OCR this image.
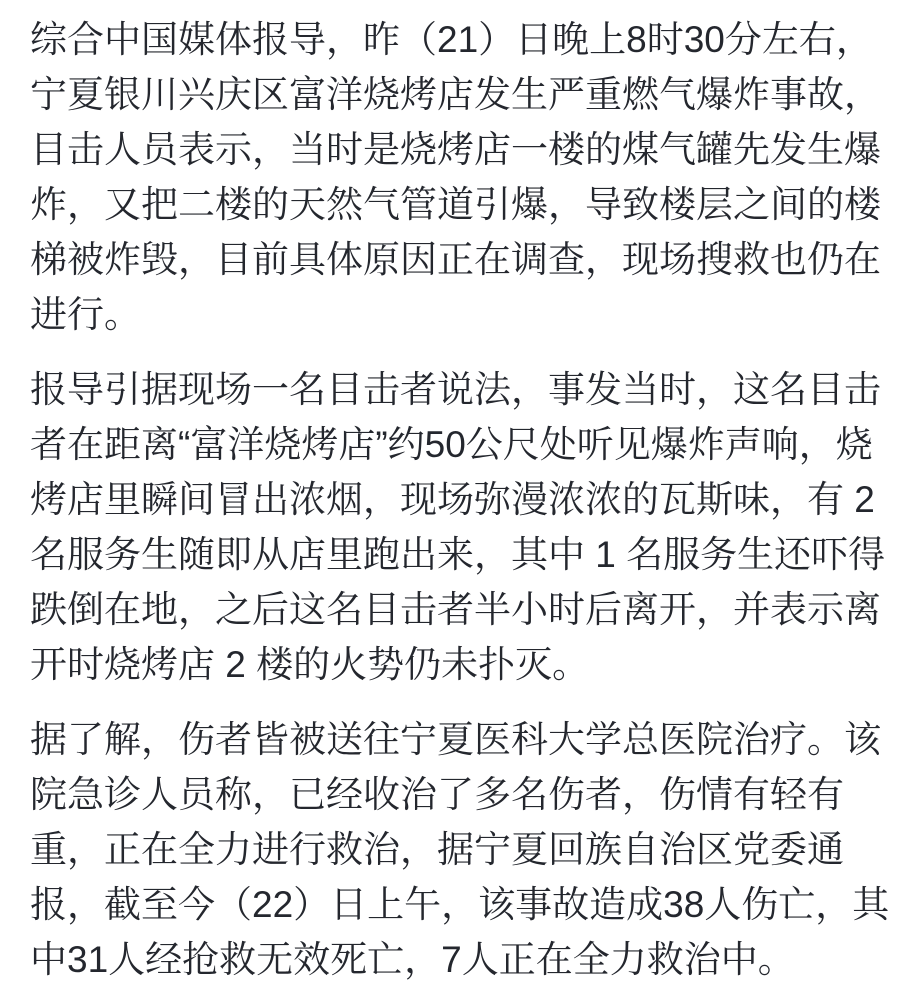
综合中国媒体报导，昨（21）日晚上8时30分左右，
宁夏银川兴庆区富洋烧烤店发生严重燃气爆炸事故，
目击人员表示，当时是烧烤店一楼的煤气罐先发生爆
炸，又把二楼的天然气管道引爆，导致楼层之间的楼
梯被炸毁，目前具体原因正在调查，现场搜救也仍在
进行。
报导引据现场一名目击者说法，事发当时，这名目击
者在距离“富洋烧烤店”约50公尺处听见爆炸声响，烧
烤店里瞬间冒出浓烟，现场弥漫浓浓的瓦斯味，有 2
名服务生随即从店里跑出来，其中 1 名服务生还吓得
跌倒在地，之后这名目击者半小时后离开，并表示离
开时烧烤店 2 楼的火势仍未扑灭。
据了解，伤者皆被送往宁夏医科大学总医院治疗。该
院急诊人员称，已经收治了多名伤者，伤情有轻有
重，正在全力进行救治，据宁夏回族自治区党委通
报，截至今（22）日上午，该事故造成38人伤亡，其
中31人经抢救无效死亡，7人正在全力救治中。
